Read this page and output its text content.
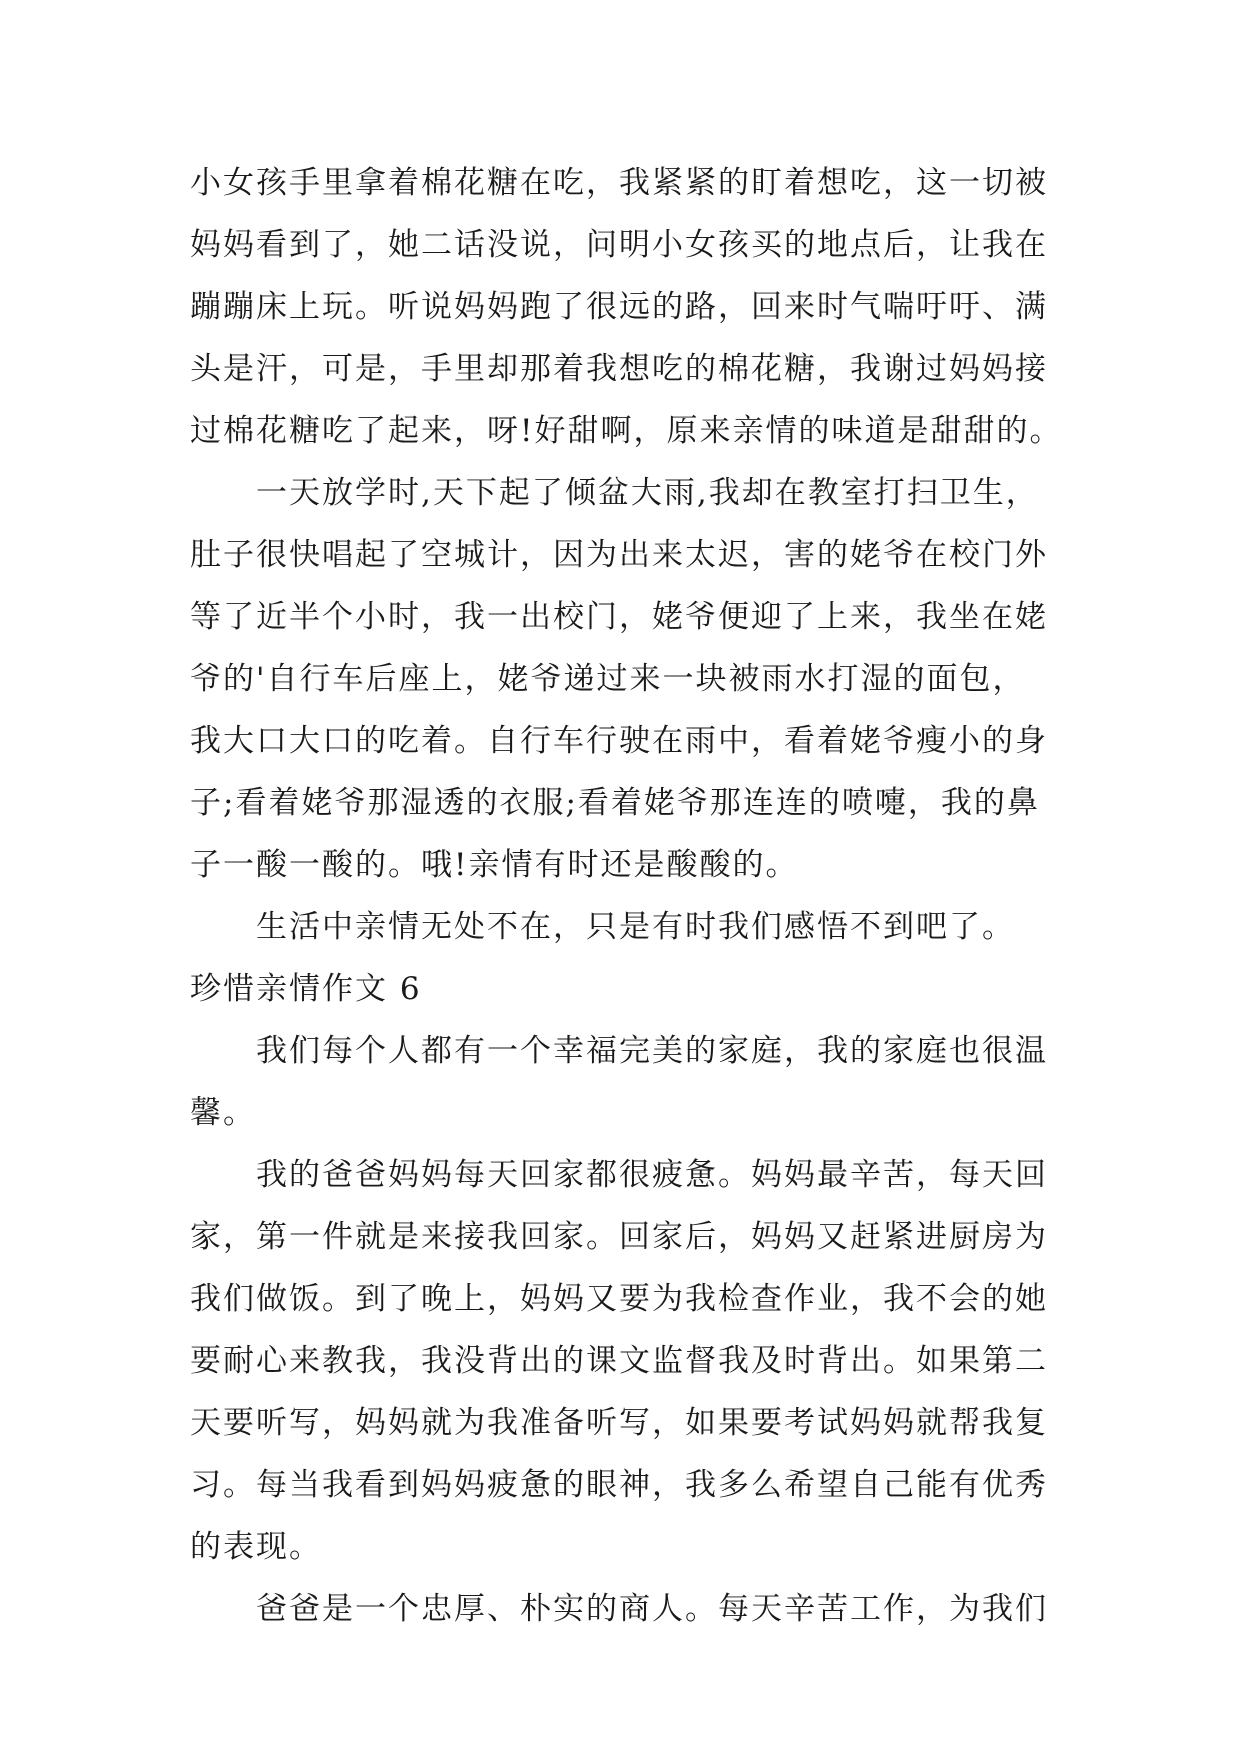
小女孩手里拿着棉花糖在吃，我紧紧的盯着想吃，这一切被
妈妈看到了，她二话没说，问明小女孩买的地点后，让我在
蹦蹦床上玩。听说妈妈跑了很远的路，回来时气喘吁吁、满
头是汗，可是，手里却那着我想吃的棉花糖，我谢过妈妈接
过棉花糖吃了起来，呀!好甜啊，原来亲情的味道是甜甜的。
一天放学时,天下起了倾盆大雨,我却在教室打扫卫生，
肚子很快唱起了空城计，因为出来太迟，害的姥爷在校门外
等了近半个小时，我一出校门，姥爷便迎了上来，我坐在姥
爷的'自行车后座上，姥爷递过来一块被雨水打湿的面包，
我大口大口的吃着。自行车行驶在雨中，看着姥爷瘦小的身
子;看着姥爷那湿透的衣服;看着姥爷那连连的喷嚏，我的鼻
子一酸一酸的。哦!亲情有时还是酸酸的。
生活中亲情无处不在，只是有时我们感悟不到吧了。
珍惜亲情作文 6
我们每个人都有一个幸福完美的家庭，我的家庭也很温
馨。
我的爸爸妈妈每天回家都很疲惫。妈妈最辛苦，每天回
家，第一件就是来接我回家。回家后，妈妈又赶紧进厨房为
我们做饭。到了晚上，妈妈又要为我检查作业，我不会的她
要耐心来教我，我没背出的课文监督我及时背出。如果第二
天要听写，妈妈就为我准备听写，如果要考试妈妈就帮我复
习。每当我看到妈妈疲惫的眼神，我多么希望自己能有优秀
的表现。
爸爸是一个忠厚、朴实的商人。每天辛苦工作，为我们
